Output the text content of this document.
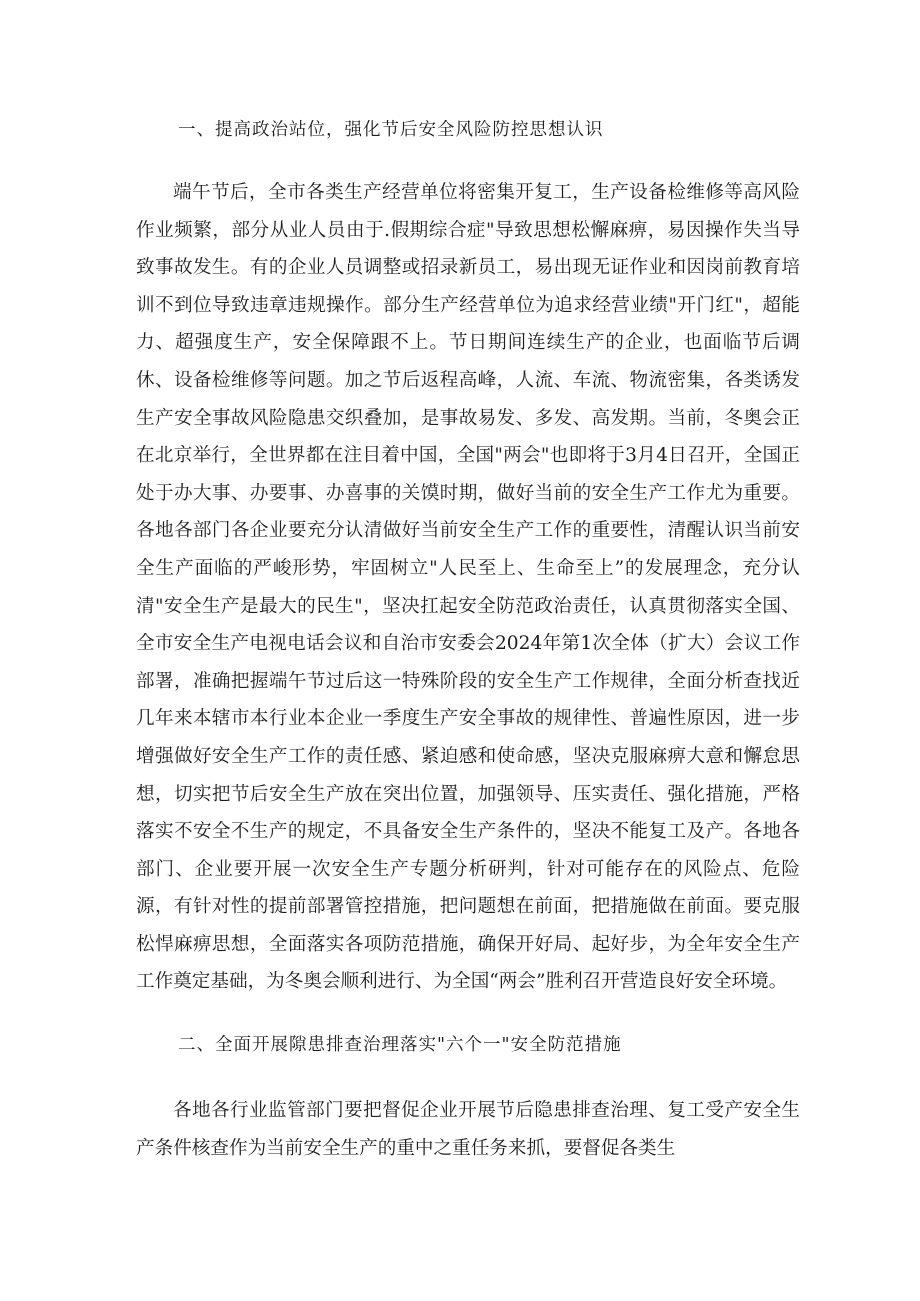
一、提高政治站位，强化节后安全风险防控思想认识

端午节后，全市各类生产经营单位将密集开复工，生产设备检维修等高风险作业频繁，部分从业人员由于.假期综合症"导致思想松懈麻痹，易因操作失当导致事故发生。有的企业人员调整或招录新员工，易出现无证作业和因岗前教育培训不到位导致违章违规操作。部分生产经营单位为追求经营业绩"开门红"，超能力、超强度生产，安全保障跟不上。节日期间连续生产的企业，也面临节后调休、设备检维修等问题。加之节后返程高峰，人流、车流、物流密集，各类诱发生产安全事故风险隐患交织叠加，是事故易发、多发、高发期。当前，冬奥会正在北京举行，全世界都在注目着中国，全国"两会"也即将于3月4日召开，全国正处于办大事、办要事、办喜事的关馍时期，做好当前的安全生产工作尤为重要。各地各部门各企业要充分认清做好当前安全生产工作的重要性，清醒认识当前安全生产面临的严峻形势，牢固树立"人民至上、生命至上”的发展理念，充分认清"安全生产是最大的民生"，坚决扛起安全防范政治责任，认真贯彻落实全国、全市安全生产电视电话会议和自治市安委会2024年第1次全体（扩大）会议工作部署，准确把握端午节过后这一特殊阶段的安全生产工作规律，全面分析查找近几年来本辖市本行业本企业一季度生产安全事故的规律性、普遍性原因，进一步增强做好安全生产工作的责任感、紧迫感和使命感，坚决克服麻痹大意和懈怠思想，切实把节后安全生产放在突出位置，加强领导、压实责任、强化措施，严格落实不安全不生产的规定，不具备安全生产条件的，坚决不能复工及产。各地各部门、企业要开展一次安全生产专题分析研判，针对可能存在的风险点、危险源，有针对性的提前部署管控措施，把问题想在前面，把措施做在前面。要克服松悍麻痹思想，全面落实各项防范措施，确保开好局、起好步，为全年安全生产工作奠定基础，为冬奥会顺利进行、为全国“两会”胜利召开营造良好安全环境。

二、全面开展隙患排查治理落实"六个一"安全防范措施

各地各行业监管部门要把督促企业开展节后隐患排查治理、复工受产安全生产条件核查作为当前安全生产的重中之重任务来抓，要督促各类生
